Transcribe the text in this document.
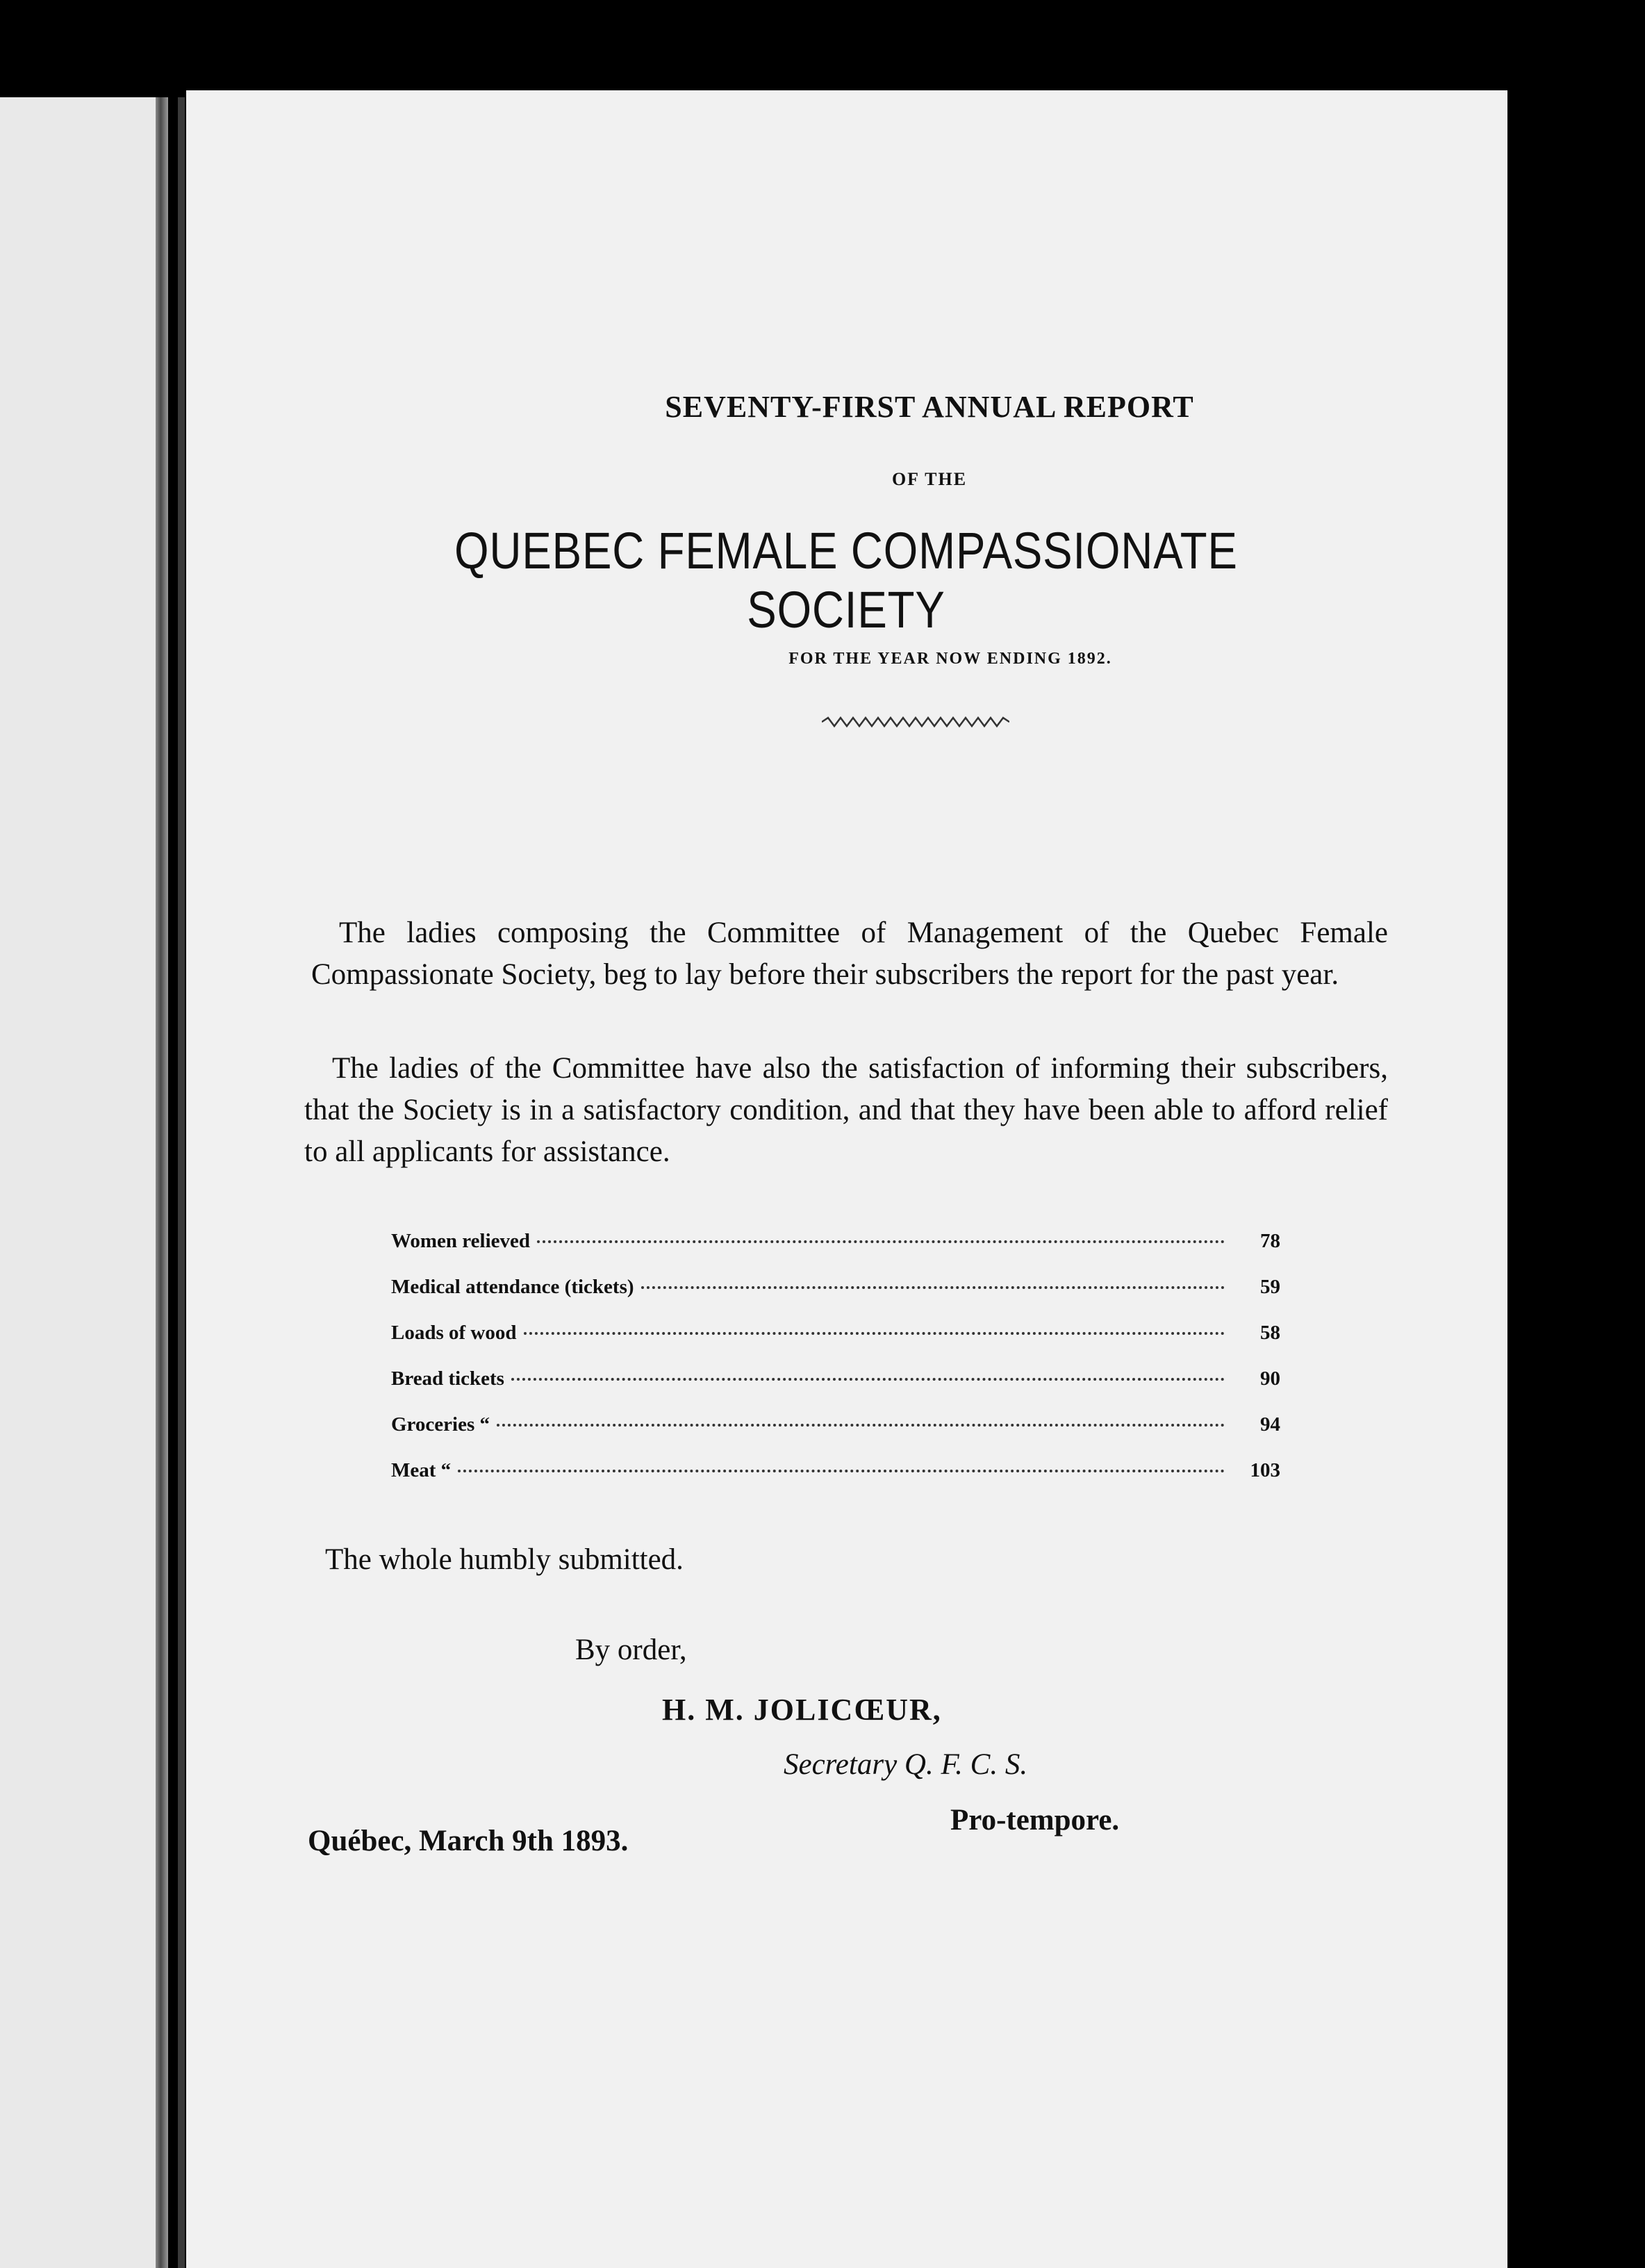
SEVENTY-FIRST ANNUAL REPORT
OF THE
QUEBEC FEMALE COMPASSIONATE SOCIETY
FOR THE YEAR NOW ENDING 1892.

The ladies composing the Committee of Management of the Quebec Female Compassionate Society, beg to lay before their subscribers the report for the past year.

The ladies of the Committee have also the satisfaction of informing their subscribers, that the Society is in a satisfactory condition, and that they have been able to afford relief to all applicants for assistance.

Women relieved	78
Medical attendance (tickets)	59
Loads of wood	58
Bread tickets	90
Groceries “	94
Meat “	103
The whole humbly submitted.
By order,
H. M. JOLICŒUR,
Secretary Q. F. C. S.
Pro-tempore.
Québec, March 9th 1893.
